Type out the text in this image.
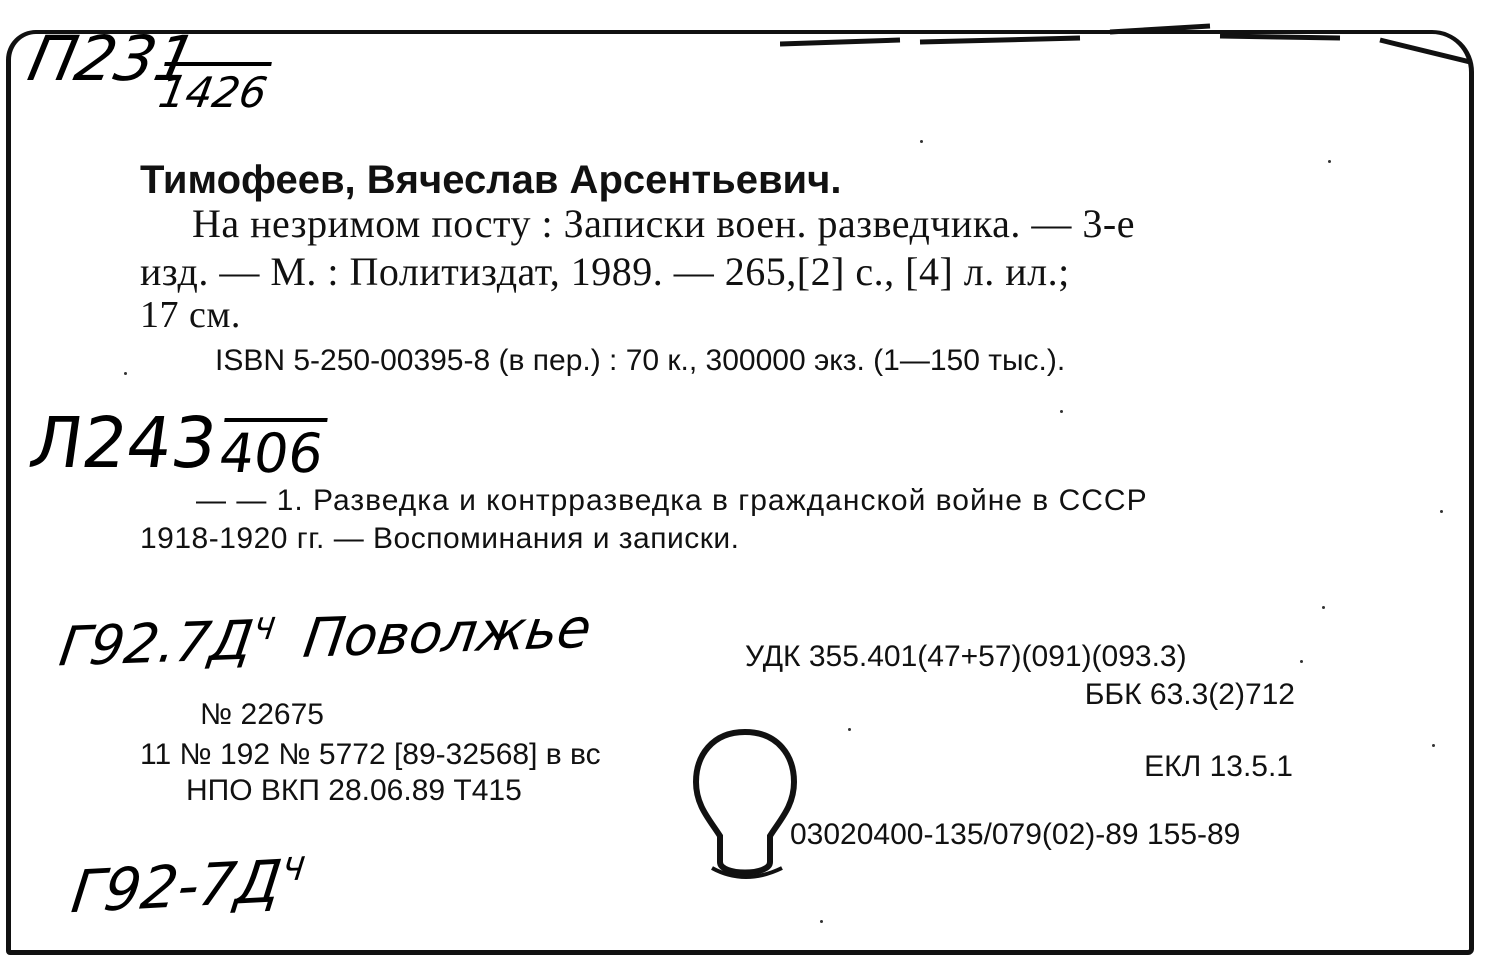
П231
1426
Л243
406
$Г92.7Д^Ч$ Поволжье
$Г92-7Д^Ч$
Тимофеев, Вячеслав Арсентьевич.
На незримом посту : Записки воен. разведчика. — 3-е
изд. — М. : Политиздат, 1989. — 265,[2] с., [4] л. ил.;
17 см.
ISBN 5-250-00395-8 (в пер.) : 70 к., 300000 экз. (1—150 тыс.).
— — 1. Разведка и контрразведка в гражданской войне в СССР
1918-1920 гг. — Воспоминания и записки.
УДК 355.401(47+57)(091)(093.3)
ББК 63.3(2)712
№ 22675
11 № 192 № 5772 [89-32568] в вс
НПО ВКП 28.06.89 Т415
ЕКЛ 13.5.1
03020400-135/079(02)-89 155-89
